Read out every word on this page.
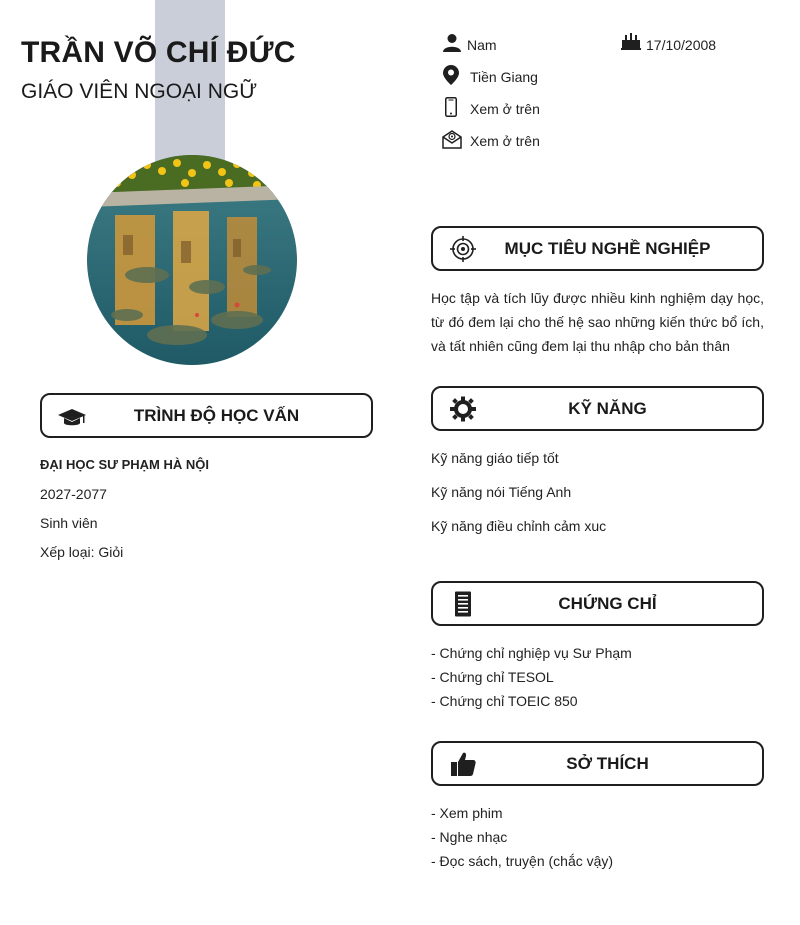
TRẦN VÕ CHÍ ĐỨC
GIÁO VIÊN NGOẠI NGỮ
Nam	17/10/2008
Tiền Giang
Xem ở trên
Xem ở trên
TRÌNH ĐỘ HỌC VẤN
ĐẠI HỌC SƯ PHẠM HÀ NỘI
2027-2077
Sinh viên
Xếp loại: Giỏi
MỤC TIÊU NGHỀ NGHIỆP

Học tập và tích lũy được nhiều kinh nghiệm dạy học, từ đó đem lại cho thế hệ sao những kiến thức bổ ích, và tất nhiên cũng đem lại thu nhập cho bản thân

KỸ NĂNG
Kỹ năng giáo tiếp tốt
Kỹ năng nói Tiếng Anh
Kỹ năng điều chỉnh cảm xuc
CHỨNG CHỈ
- Chứng chỉ nghiệp vụ Sư Phạm
- Chứng chỉ TESOL
- Chứng chỉ TOEIC 850
SỞ THÍCH
- Xem phim
- Nghe nhạc
- Đọc sách, truyện (chắc vậy)
